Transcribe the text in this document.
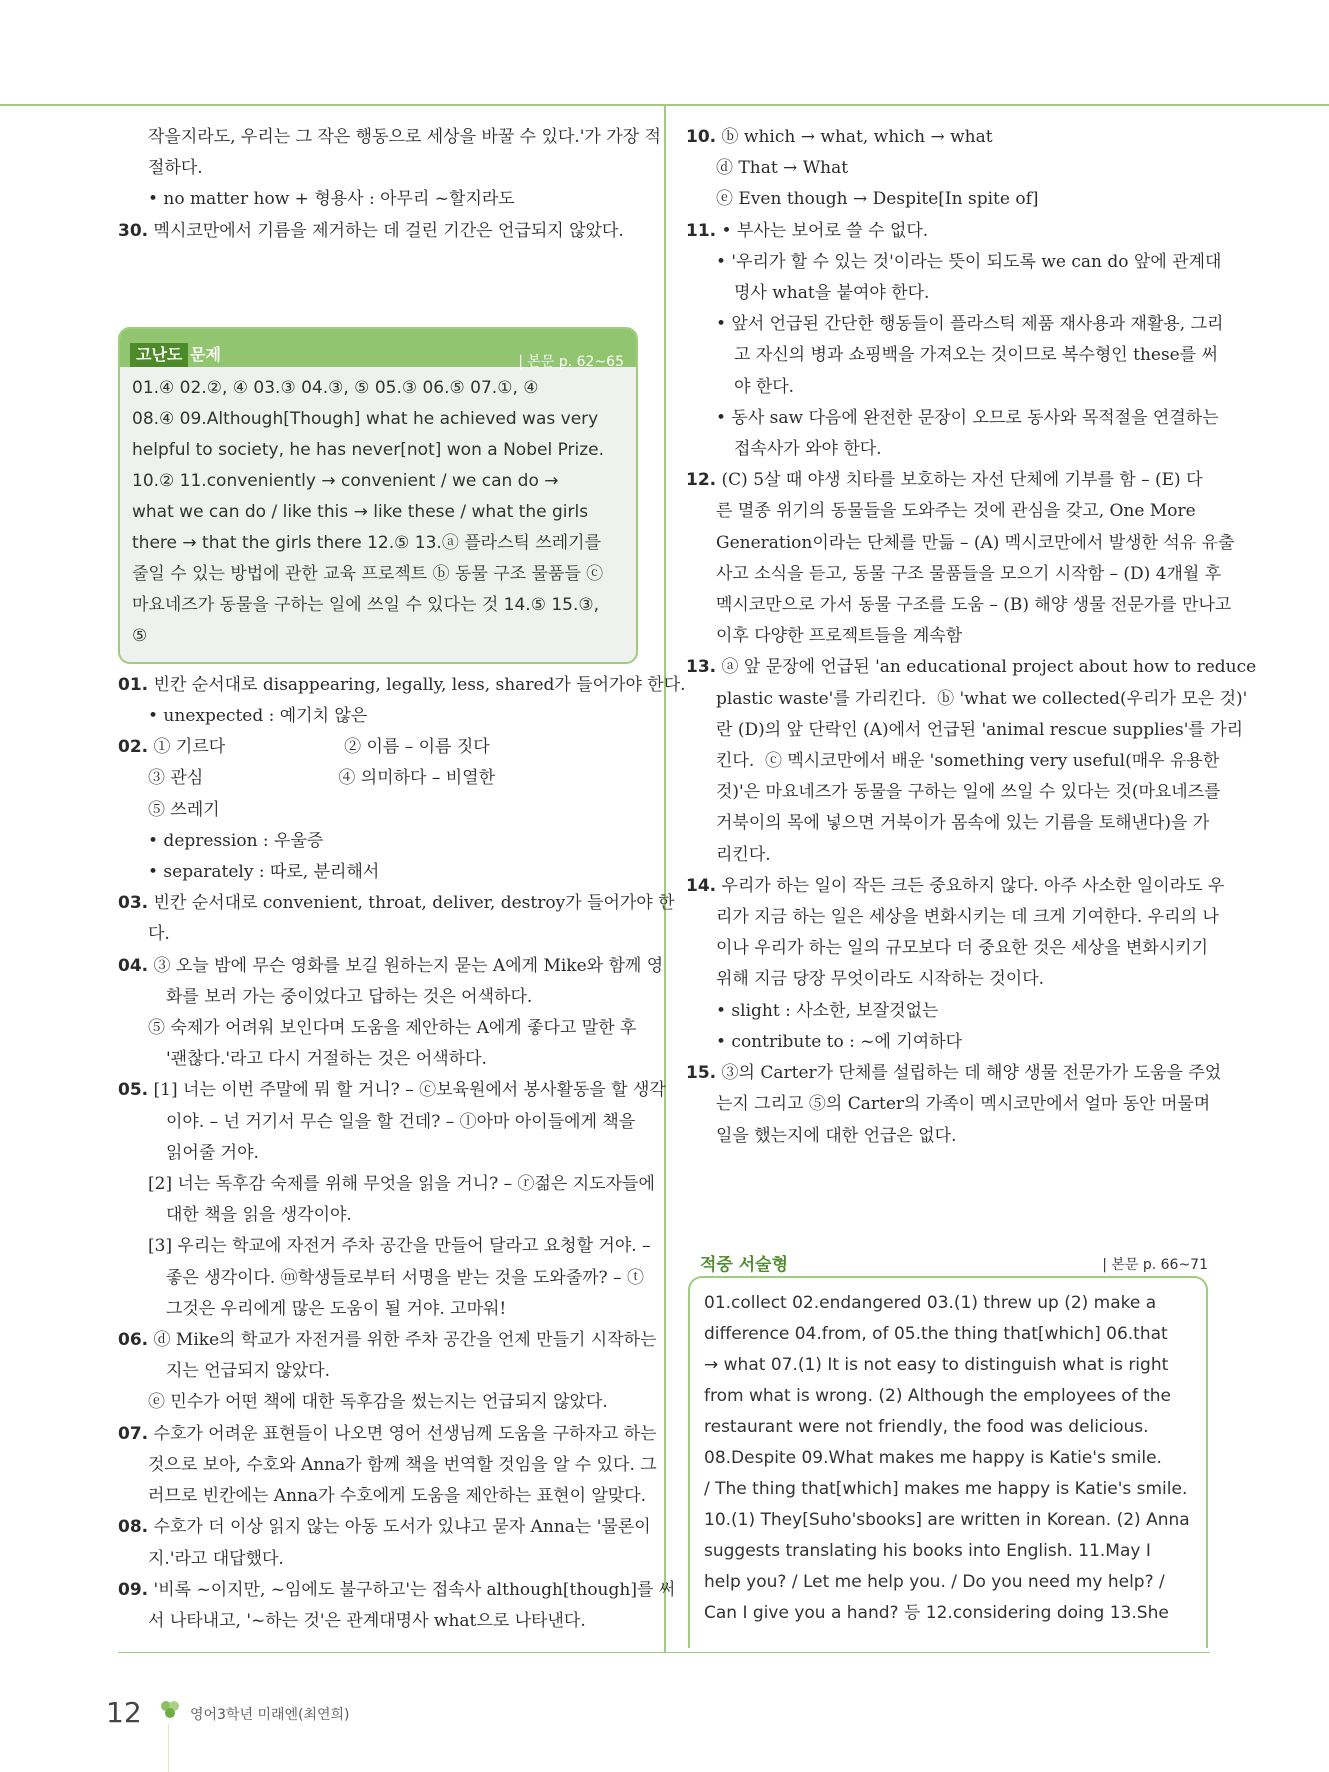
작을지라도, 우리는 그 작은 행동으로 세상을 바꿀 수 있다.'가 가장 적
절하다.
• no matter how + 형용사 : 아무리 ~할지라도
30. 멕시코만에서 기름을 제거하는 데 걸린 기간은 언급되지 않았다.
고난도 문제	| 본문 p. 62~65
01.④ 02.②, ④ 03.③ 04.③, ⑤ 05.③ 06.⑤ 07.①, ④
08.④ 09.Although[Though] what he achieved was very
helpful to society, he has never[not] won a Nobel Prize.
10.② 11.conveniently → convenient / we can do →
what we can do / like this → like these / what the girls
there → that the girls there 12.⑤ 13.ⓐ 플라스틱 쓰레기를
줄일 수 있는 방법에 관한 교육 프로젝트 ⓑ 동물 구조 물품들 ⓒ
마요네즈가 동물을 구하는 일에 쓰일 수 있다는 것 14.⑤ 15.③,
⑤
01. 빈칸 순서대로 disappearing, legally, less, shared가 들어가야 한다.
• unexpected : 예기치 않은
02. ① 기르다                      ② 이름 – 이름 짓다
③ 관심                         ④ 의미하다 – 비열한
⑤ 쓰레기
• depression : 우울증
• separately : 따로, 분리해서
03. 빈칸 순서대로 convenient, throat, deliver, destroy가 들어가야 한
다.
04. ③ 오늘 밤에 무슨 영화를 보길 원하는지 묻는 A에게 Mike와 함께 영
화를 보러 가는 중이었다고 답하는 것은 어색하다.
⑤ 숙제가 어려워 보인다며 도움을 제안하는 A에게 좋다고 말한 후
'괜찮다.'라고 다시 거절하는 것은 어색하다.
05. [1] 너는 이번 주말에 뭐 할 거니? – ⓒ보육원에서 봉사활동을 할 생각
이야. – 넌 거기서 무슨 일을 할 건데? – ⓛ아마 아이들에게 책을
읽어줄 거야.
[2] 너는 독후감 숙제를 위해 무엇을 읽을 거니? – ⓡ젊은 지도자들에
대한 책을 읽을 생각이야.
[3] 우리는 학교에 자전거 주차 공간을 만들어 달라고 요청할 거야. –
좋은 생각이다. ⓜ학생들로부터 서명을 받는 것을 도와줄까? – ⓣ
그것은 우리에게 많은 도움이 될 거야. 고마워!
06. ⓓ Mike의 학교가 자전거를 위한 주차 공간을 언제 만들기 시작하는
지는 언급되지 않았다.
ⓔ 민수가 어떤 책에 대한 독후감을 썼는지는 언급되지 않았다.
07. 수호가 어려운 표현들이 나오면 영어 선생님께 도움을 구하자고 하는
것으로 보아, 수호와 Anna가 함께 책을 번역할 것임을 알 수 있다. 그
러므로 빈칸에는 Anna가 수호에게 도움을 제안하는 표현이 알맞다.
08. 수호가 더 이상 읽지 않는 아동 도서가 있냐고 묻자 Anna는 '물론이
지.'라고 대답했다.
09. '비록 ~이지만, ~임에도 불구하고'는 접속사 although[though]를 써
서 나타내고, '~하는 것'은 관계대명사 what으로 나타낸다.
10. ⓑ which → what, which → what
ⓓ That → What
ⓔ Even though → Despite[In spite of]
11. • 부사는 보어로 쓸 수 없다.
• '우리가 할 수 있는 것'이라는 뜻이 되도록 we can do 앞에 관계대
명사 what을 붙여야 한다.
• 앞서 언급된 간단한 행동들이 플라스틱 제품 재사용과 재활용, 그리
고 자신의 병과 쇼핑백을 가져오는 것이므로 복수형인 these를 써
야 한다.
• 동사 saw 다음에 완전한 문장이 오므로 동사와 목적절을 연결하는
접속사가 와야 한다.
12. (C) 5살 때 야생 치타를 보호하는 자선 단체에 기부를 함 – (E) 다
른 멸종 위기의 동물들을 도와주는 것에 관심을 갖고, One More
Generation이라는 단체를 만듦 – (A) 멕시코만에서 발생한 석유 유출
사고 소식을 듣고, 동물 구조 물품들을 모으기 시작함 – (D) 4개월 후
멕시코만으로 가서 동물 구조를 도움 – (B) 해양 생물 전문가를 만나고
이후 다양한 프로젝트들을 계속함
13. ⓐ 앞 문장에 언급된 'an educational project about how to reduce
plastic waste'를 가리킨다.  ⓑ 'what we collected(우리가 모은 것)'
란 (D)의 앞 단락인 (A)에서 언급된 'animal rescue supplies'를 가리
킨다.  ⓒ 멕시코만에서 배운 'something very useful(매우 유용한
것)'은 마요네즈가 동물을 구하는 일에 쓰일 수 있다는 것(마요네즈를
거북이의 목에 넣으면 거북이가 몸속에 있는 기름을 토해낸다)을 가
리킨다.
14. 우리가 하는 일이 작든 크든 중요하지 않다. 아주 사소한 일이라도 우
리가 지금 하는 일은 세상을 변화시키는 데 크게 기여한다. 우리의 나
이나 우리가 하는 일의 규모보다 더 중요한 것은 세상을 변화시키기
위해 지금 당장 무엇이라도 시작하는 것이다.
• slight : 사소한, 보잘것없는
• contribute to : ~에 기여하다
15. ③의 Carter가 단체를 설립하는 데 해양 생물 전문가가 도움을 주었
는지 그리고 ⑤의 Carter의 가족이 멕시코만에서 얼마 동안 머물며
일을 했는지에 대한 언급은 없다.
적중 서술형	| 본문 p. 66~71
01.collect 02.endangered 03.(1) threw up (2) make a
difference 04.from, of 05.the thing that[which] 06.that
→ what 07.(1) It is not easy to distinguish what is right
from what is wrong. (2) Although the employees of the
restaurant were not friendly, the food was delicious.
08.Despite 09.What makes me happy is Katie's smile.
/ The thing that[which] makes me happy is Katie's smile.
10.(1) They[Suho'sbooks] are written in Korean. (2) Anna
suggests translating his books into English. 11.May I
help you? / Let me help you. / Do you need my help? /
Can I give you a hand? 등 12.considering doing 13.She
12	영어3학년 미래엔(최연희)
